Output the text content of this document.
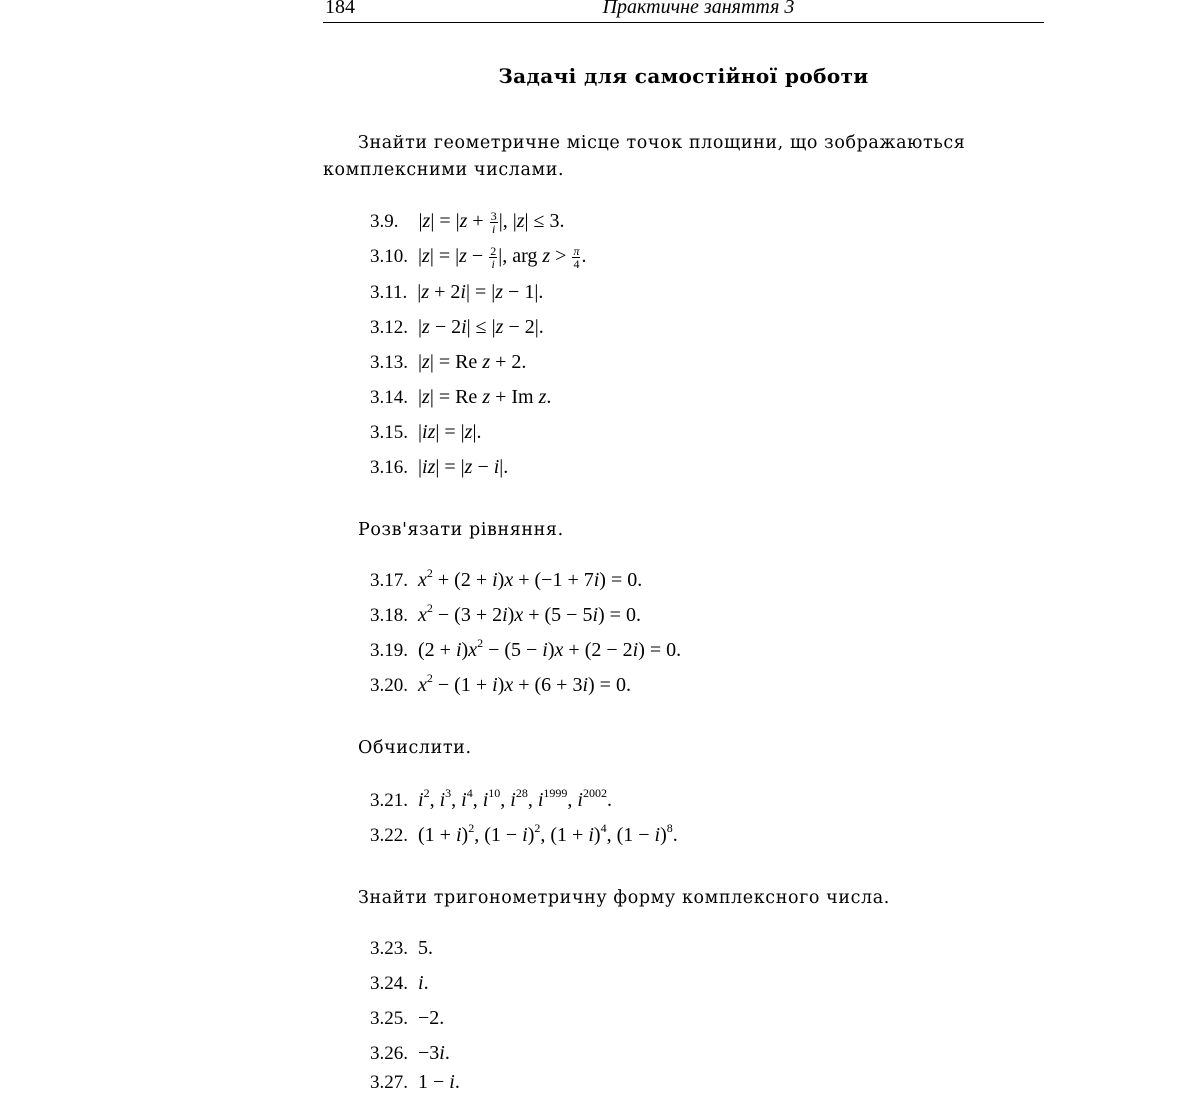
184	Практичне заняття 3
Задачі для самостійної роботи
Знайти геометричне місце точок площини, що зображаються комплексними числами.
3.9. $|z| = |z + \frac{3}{i}$ |, |z| ≤ 3.
3.10. $|z| = |z - \frac{2}{i}$ |, arg $z > \frac{\pi}{4}$ .
3.11. |z + 2i| = |z − 1|.
3.12. |z − 2i| ≤ |z − 2|.
3.13. |z| = Re z + 2.
3.14. |z| = Re z + Im z.
3.15. |iz| = |z|.
3.16. |iz| = |z − i|.
Розв'язати рівняння.
3.17. $x^2 + (2 + i)x + (-1 + 7i) = 0$.
3.18. $x^2 - (3 + 2i)x + (5 - 5i) = 0$.
3.19. $(2 + i)x^2 - (5 - i)x + (2 - 2i) = 0$.
3.20. $x^2 - (1 + i)x + (6 + 3i) = 0$.
Обчислити.
3.21. $i^2$, $i^3$, $i^4$, $i^{10}$, $i^{28}$, $i^{1999}$, $i^{2002}$.
3.22. $(1 + i)^2$, $(1 - i)^2$, $(1 + i)^4$, $(1 - i)^8$.
Знайти тригонометричну форму комплексного числа.
3.23. 5.
3.24. i.
3.25. −2.
3.26. −3i.
3.27. 1 − i.
